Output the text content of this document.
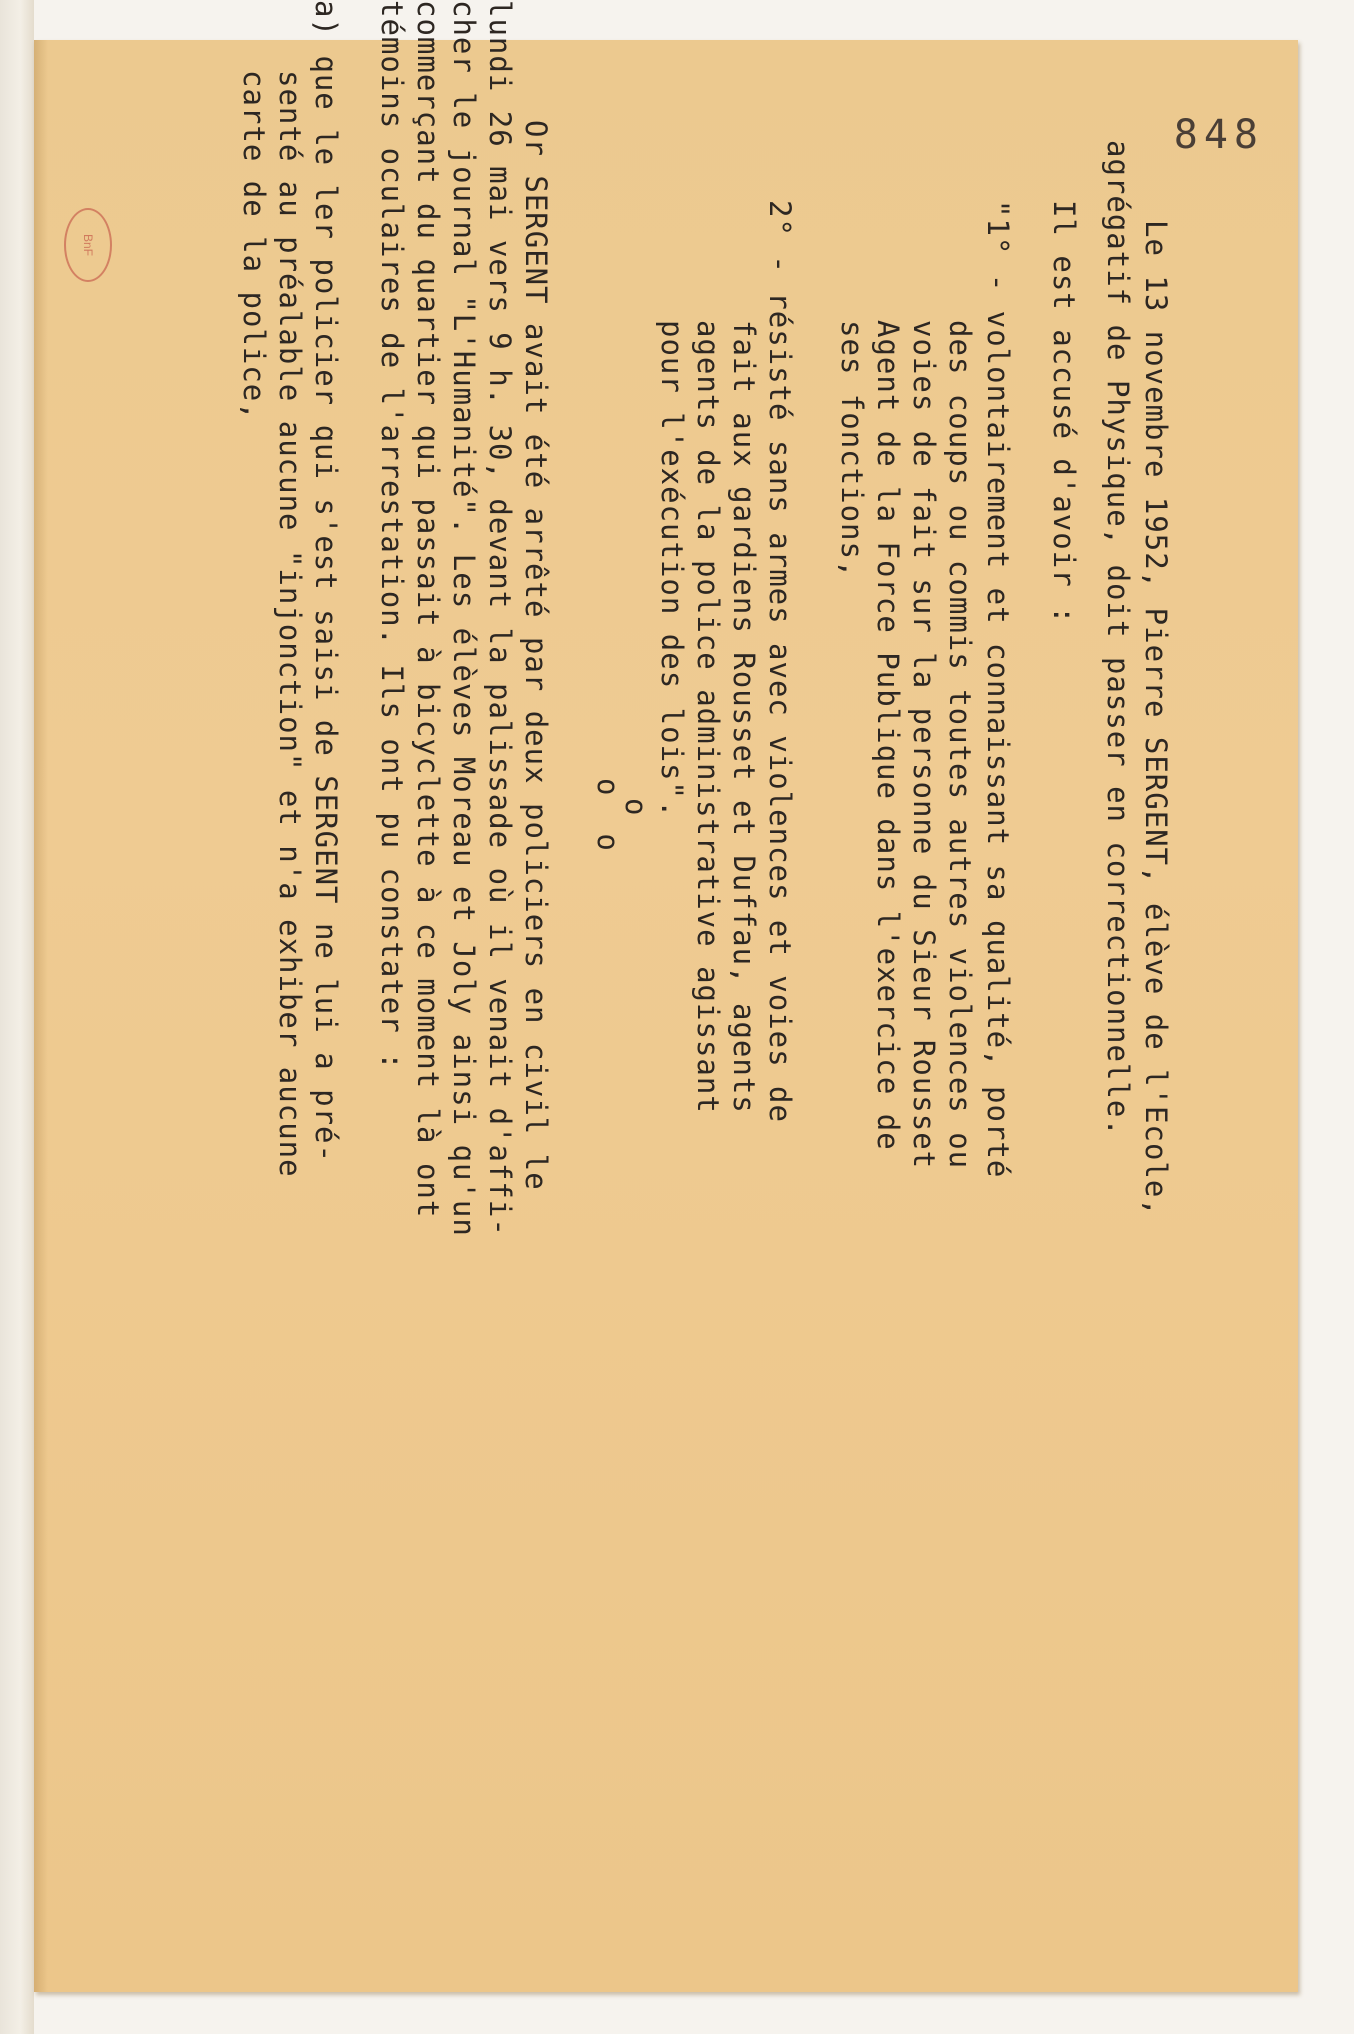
BnF
848
Le 13 novembre 1952, Pierre SERGENT, élève de l'Ecole,
agrégatif de Physique, doit passer en correctionnelle.
Il est accusé d'avoir :
"1° - volontairement et connaissant sa qualité, porté
des coups ou commis toutes autres violences ou
voies de fait sur la personne du Sieur Rousset
Agent de la Force Publique dans l'exercice de
ses fonctions,
2° - résisté sans armes avec violences et voies de
fait aux gardiens Rousset et Duffau, agents
agents de la police administrative agissant
pour l'exécution des lois".
o
o  o
Or SERGENT avait été arrêté par deux policiers en civil le
lundi 26 mai vers 9 h. 30, devant la palissade où il venait d'affi-
cher le journal "L'Humanité". Les élèves Moreau et Joly ainsi qu'un
commerçant du quartier qui passait à bicyclette à ce moment là ont
témoins oculaires de l'arrestation. Ils ont pu constater :
a) que le ler policier qui s'est saisi de SERGENT ne lui a pré-
senté au préalable aucune "injonction" et n'a exhiber aucune
carte de la police,
